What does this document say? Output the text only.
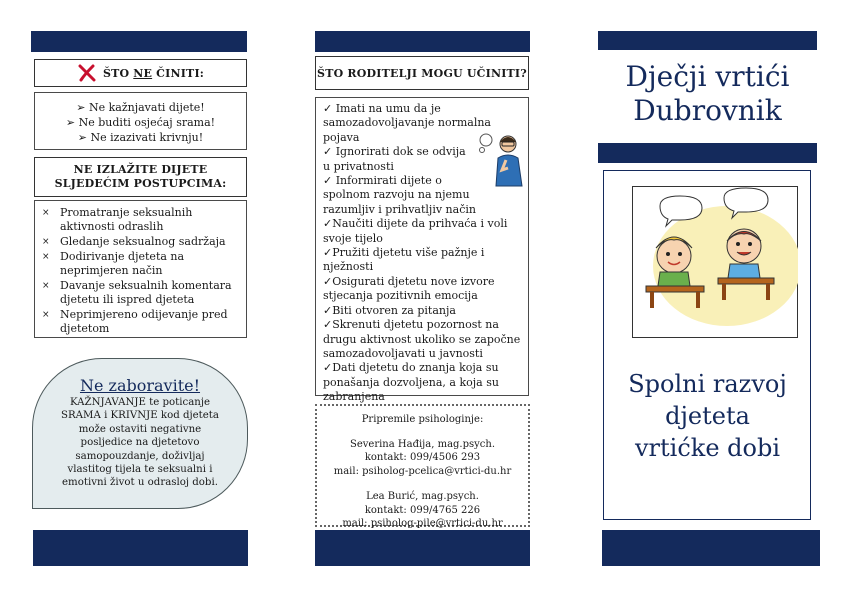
ŠTO NE ČINITI:
➢ Ne kažnjavati dijete!
➢ Ne buditi osjećaj srama!
➢ Ne izazivati krivnju!
NE IZLAŽITE DIJETE SLJEDEĆIM POSTUPCIMA:
× Promatranje seksualnih aktivnosti odraslih
× Gledanje seksualnog sadržaja
× Dodirivanje djeteta na neprimjeren način
× Davanje seksualnih komentara djetetu ili ispred djeteta
× Neprimjereno odijevanje pred djetetom
Ne zaboravite!

KAŽNJAVANJE te poticanje SRAMA i KRIVNJE kod djeteta može ostaviti negativne posljedice na djetetovo samopouzdanje, doživljaj vlastitog tijela te seksualni i emotivni život u odrasloj dobi.

ŠTO RODITELJI MOGU UČINITI?
✓ Imati na umu da je samozadovoljavanje normalna pojava
✓ Ignorirati dok se odvija u privatnosti
✓ Informirati dijete o spolnom razvoju na njemu razumljiv i prihvatljiv način
✓Naučiti dijete da prihvaća i voli svoje tijelo
✓Pružiti djetetu više pažnje i nježnosti
✓Osigurati djetetu nove izvore stjecanja pozitivnih emocija
✓Biti otvoren za pitanja
✓Skrenuti djetetu pozornost na drugu aktivnost ukoliko se započne samozadovoljavati u javnosti
✓Dati djetetu do znanja koja su ponašanja dozvoljena, a koja su zabranjena
Pripremile psihologinje:
Severina Hađija, mag.psych.
kontakt: 099/4506 293
mail: psiholog-pcelica@vrtici-du.hr
Lea Burić, mag.psych.
kontakt: 099/4765 226
mail: psiholog-pile@vrtici-du.hr
Dječji vrtići
Dubrovnik
Spolni razvoj djeteta vrtićke dobi
